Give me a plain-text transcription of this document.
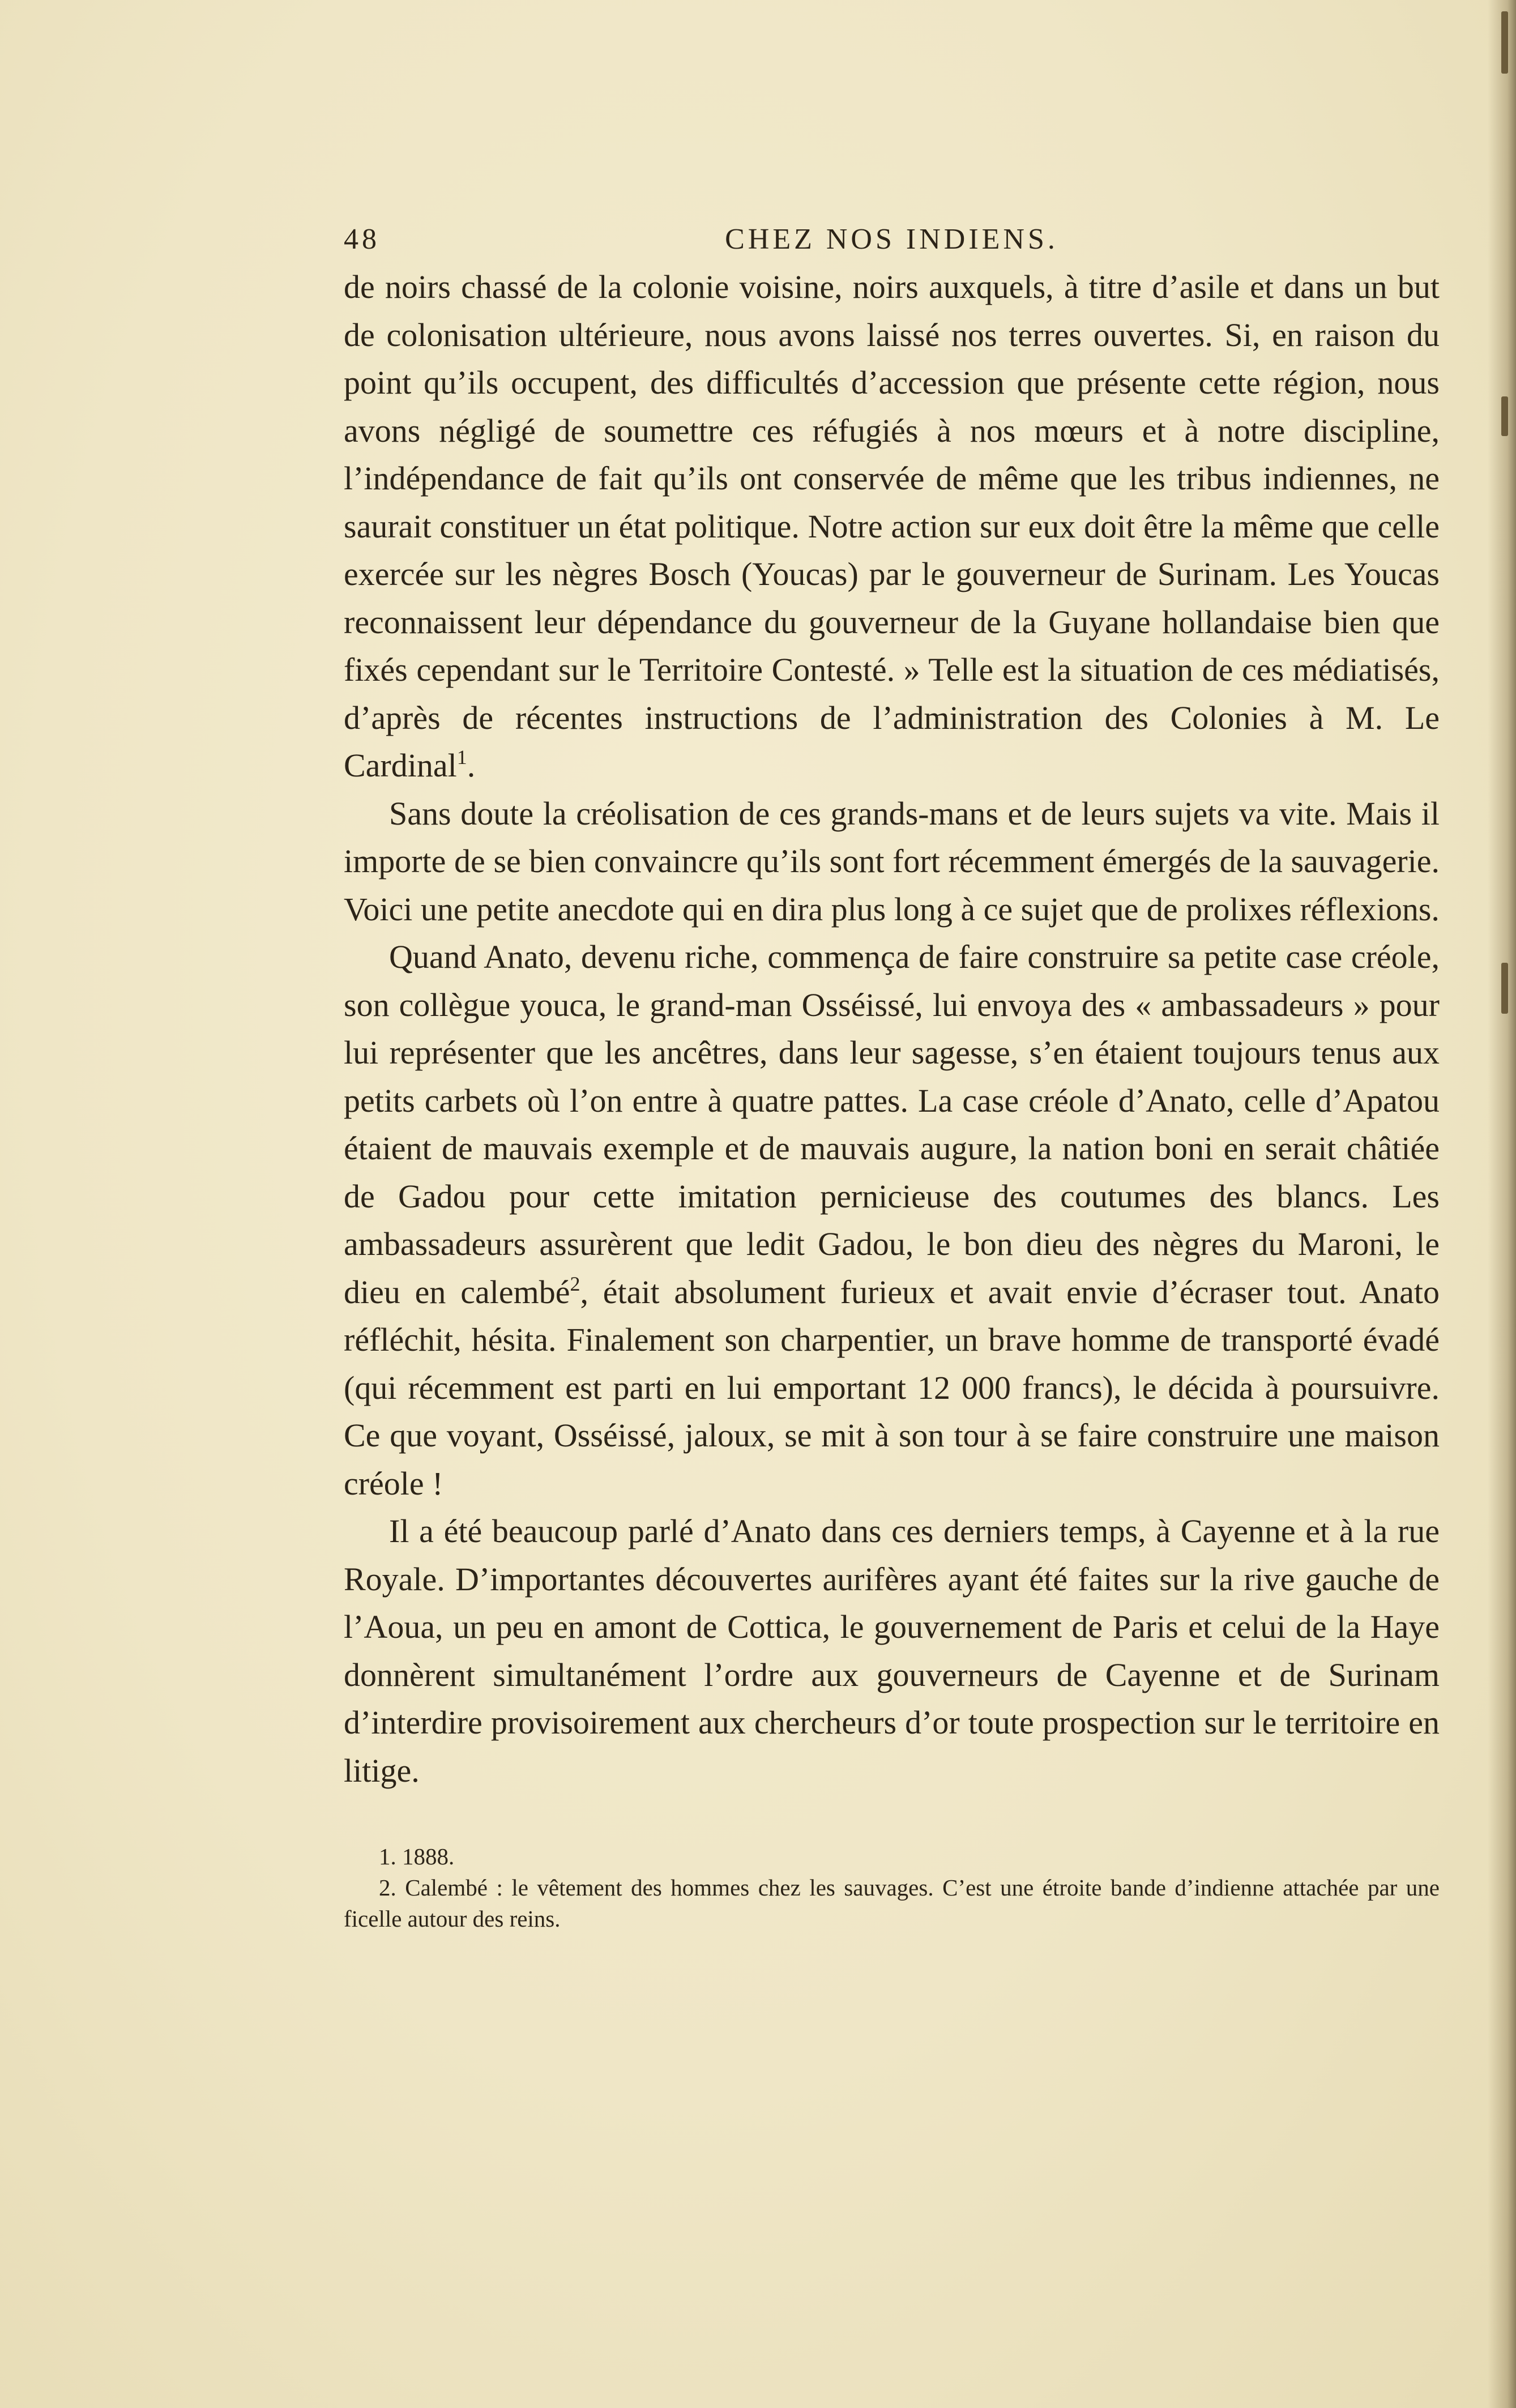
48	CHEZ NOS INDIENS.

de noirs chassé de la colonie voisine, noirs auxquels, à titre d’asile et dans un but de colonisation ultérieure, nous avons laissé nos terres ouvertes. Si, en raison du point qu’ils occupent, des difficultés d’accession que présente cette région, nous avons négligé de soumettre ces réfugiés à nos mœurs et à notre discipline, l’indépendance de fait qu’ils ont conservée de même que les tribus indiennes, ne saurait constituer un état politique. Notre action sur eux doit être la même que celle exercée sur les nègres Bosch (Youcas) par le gouverneur de Surinam. Les Youcas reconnaissent leur dépendance du gouverneur de la Guyane hollandaise bien que fixés cependant sur le Territoire Contesté. » Telle est la situation de ces médiatisés, d’après de récentes instructions de l’administration des Colonies à M. Le Cardinal$^1$.

Sans doute la créolisation de ces grands-mans et de leurs sujets va vite. Mais il importe de se bien convaincre qu’ils sont fort récemment émergés de la sauvagerie. Voici une petite anecdote qui en dira plus long à ce sujet que de prolixes réflexions.

Quand Anato, devenu riche, commença de faire construire sa petite case créole, son collègue youca, le grand-man Osséissé, lui envoya des « ambassadeurs » pour lui représenter que les ancêtres, dans leur sagesse, s’en étaient toujours tenus aux petits carbets où l’on entre à quatre pattes. La case créole d’Anato, celle d’Apatou étaient de mauvais exemple et de mauvais augure, la nation boni en serait châtiée de Gadou pour cette imitation pernicieuse des coutumes des blancs. Les ambassadeurs assurèrent que ledit Gadou, le bon dieu des nègres du Maroni, le dieu en calembé$^2$, était absolument furieux et avait envie d’écraser tout. Anato réfléchit, hésita. Finalement son charpentier, un brave homme de transporté évadé (qui récemment est parti en lui emportant 12 000 francs), le décida à poursuivre. Ce que voyant, Osséissé, jaloux, se mit à son tour à se faire construire une maison créole !

Il a été beaucoup parlé d’Anato dans ces derniers temps, à Cayenne et à la rue Royale. D’importantes découvertes aurifères ayant été faites sur la rive gauche de l’Aoua, un peu en amont de Cottica, le gouvernement de Paris et celui de la Haye donnèrent simultanément l’ordre aux gouverneurs de Cayenne et de Surinam d’interdire provisoirement aux chercheurs d’or toute prospection sur le territoire en litige.

1. 1888.

2. Calembé : le vêtement des hommes chez les sauvages. C’est une étroite bande d’indienne attachée par une ficelle autour des reins.
